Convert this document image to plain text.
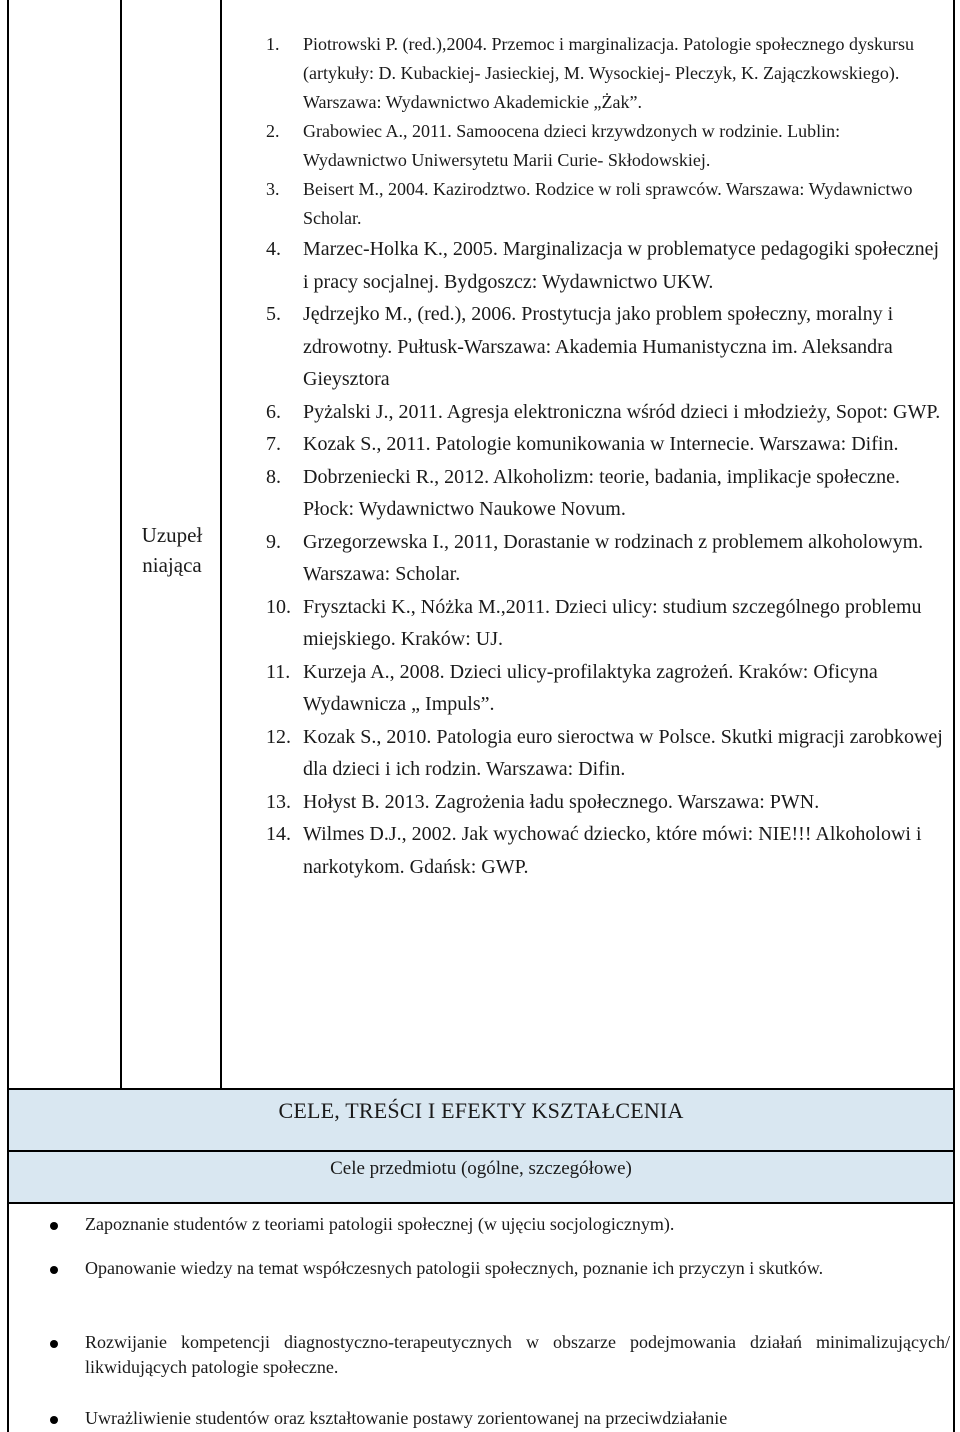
Uzupeł
niająca
1. Piotrowski P. (red.),2004. Przemoc i marginalizacja. Patologie społecznego dyskursu (artykuły: D. Kubackiej- Jasieckiej, M. Wysockiej- Pleczyk, K. Zajączkowskiego). Warszawa: Wydawnictwo Akademickie „Żak”.
2. Grabowiec A., 2011. Samoocena dzieci krzywdzonych w rodzinie. Lublin: Wydawnictwo Uniwersytetu Marii Curie- Skłodowskiej.
3. Beisert M., 2004. Kazirodztwo. Rodzice w roli sprawców. Warszawa: Wydawnictwo Scholar.
4. Marzec-Holka K., 2005. Marginalizacja w problematyce pedagogiki społecznej i pracy socjalnej. Bydgoszcz: Wydawnictwo UKW.
5. Jędrzejko M., (red.), 2006. Prostytucja jako problem społeczny, moralny i zdrowotny. Pułtusk-Warszawa: Akademia Humanistyczna im. Aleksandra Gieysztora
6. Pyżalski J., 2011. Agresja elektroniczna wśród dzieci i młodzieży, Sopot: GWP.
7. Kozak S., 2011. Patologie komunikowania w Internecie. Warszawa: Difin.
8. Dobrzeniecki R., 2012. Alkoholizm: teorie, badania, implikacje społeczne. Płock: Wydawnictwo Naukowe Novum.
9. Grzegorzewska I., 2011, Dorastanie w rodzinach z problemem alkoholowym. Warszawa: Scholar.
10. Frysztacki K., Nóżka M.,2011. Dzieci ulicy: studium szczególnego problemu miejskiego. Kraków: UJ.
11. Kurzeja A., 2008. Dzieci ulicy-profilaktyka zagrożeń. Kraków: Oficyna Wydawnicza „ Impuls”.
12. Kozak S., 2010. Patologia euro sieroctwa w Polsce. Skutki migracji zarobkowej dla dzieci i ich rodzin. Warszawa: Difin.
13. Hołyst B. 2013. Zagrożenia ładu społecznego. Warszawa: PWN.
14. Wilmes D.J., 2002. Jak wychować dziecko, które mówi: NIE!!! Alkoholowi i narkotykom. Gdańsk: GWP.
CELE, TREŚCI I EFEKTY KSZTAŁCENIA
Cele przedmiotu (ogólne, szczegółowe)
Zapoznanie studentów z teoriami patologii społecznej (w ujęciu socjologicznym).
Opanowanie wiedzy na temat współczesnych patologii społecznych, poznanie ich przyczyn i skutków.
Rozwijanie kompetencji diagnostyczno-terapeutycznych w obszarze podejmowania działań minimalizujących/ likwidujących patologie społeczne.
Uwrażliwienie studentów oraz kształtowanie postawy zorientowanej na przeciwdziałanie
